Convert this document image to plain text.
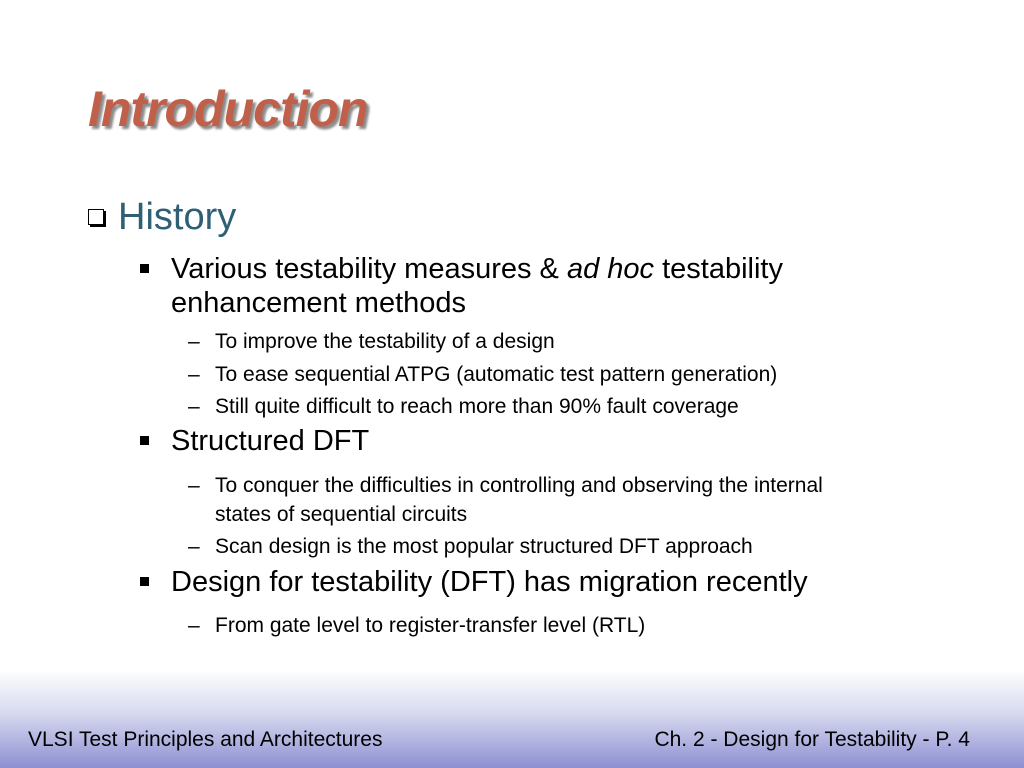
Introduction
History
Various testability measures & ad hoc testability enhancement methods
– To improve the testability of a design
– To ease sequential ATPG (automatic test pattern generation)
– Still quite difficult to reach more than 90% fault coverage
Structured DFT
– To conquer the difficulties in controlling and observing the internal states of sequential circuits
– Scan design is the most popular structured DFT approach
Design for testability (DFT) has migration recently
– From gate level to register-transfer level (RTL)
VLSI Test Principles and Architectures	Ch. 2 - Design for Testability - P. 4
